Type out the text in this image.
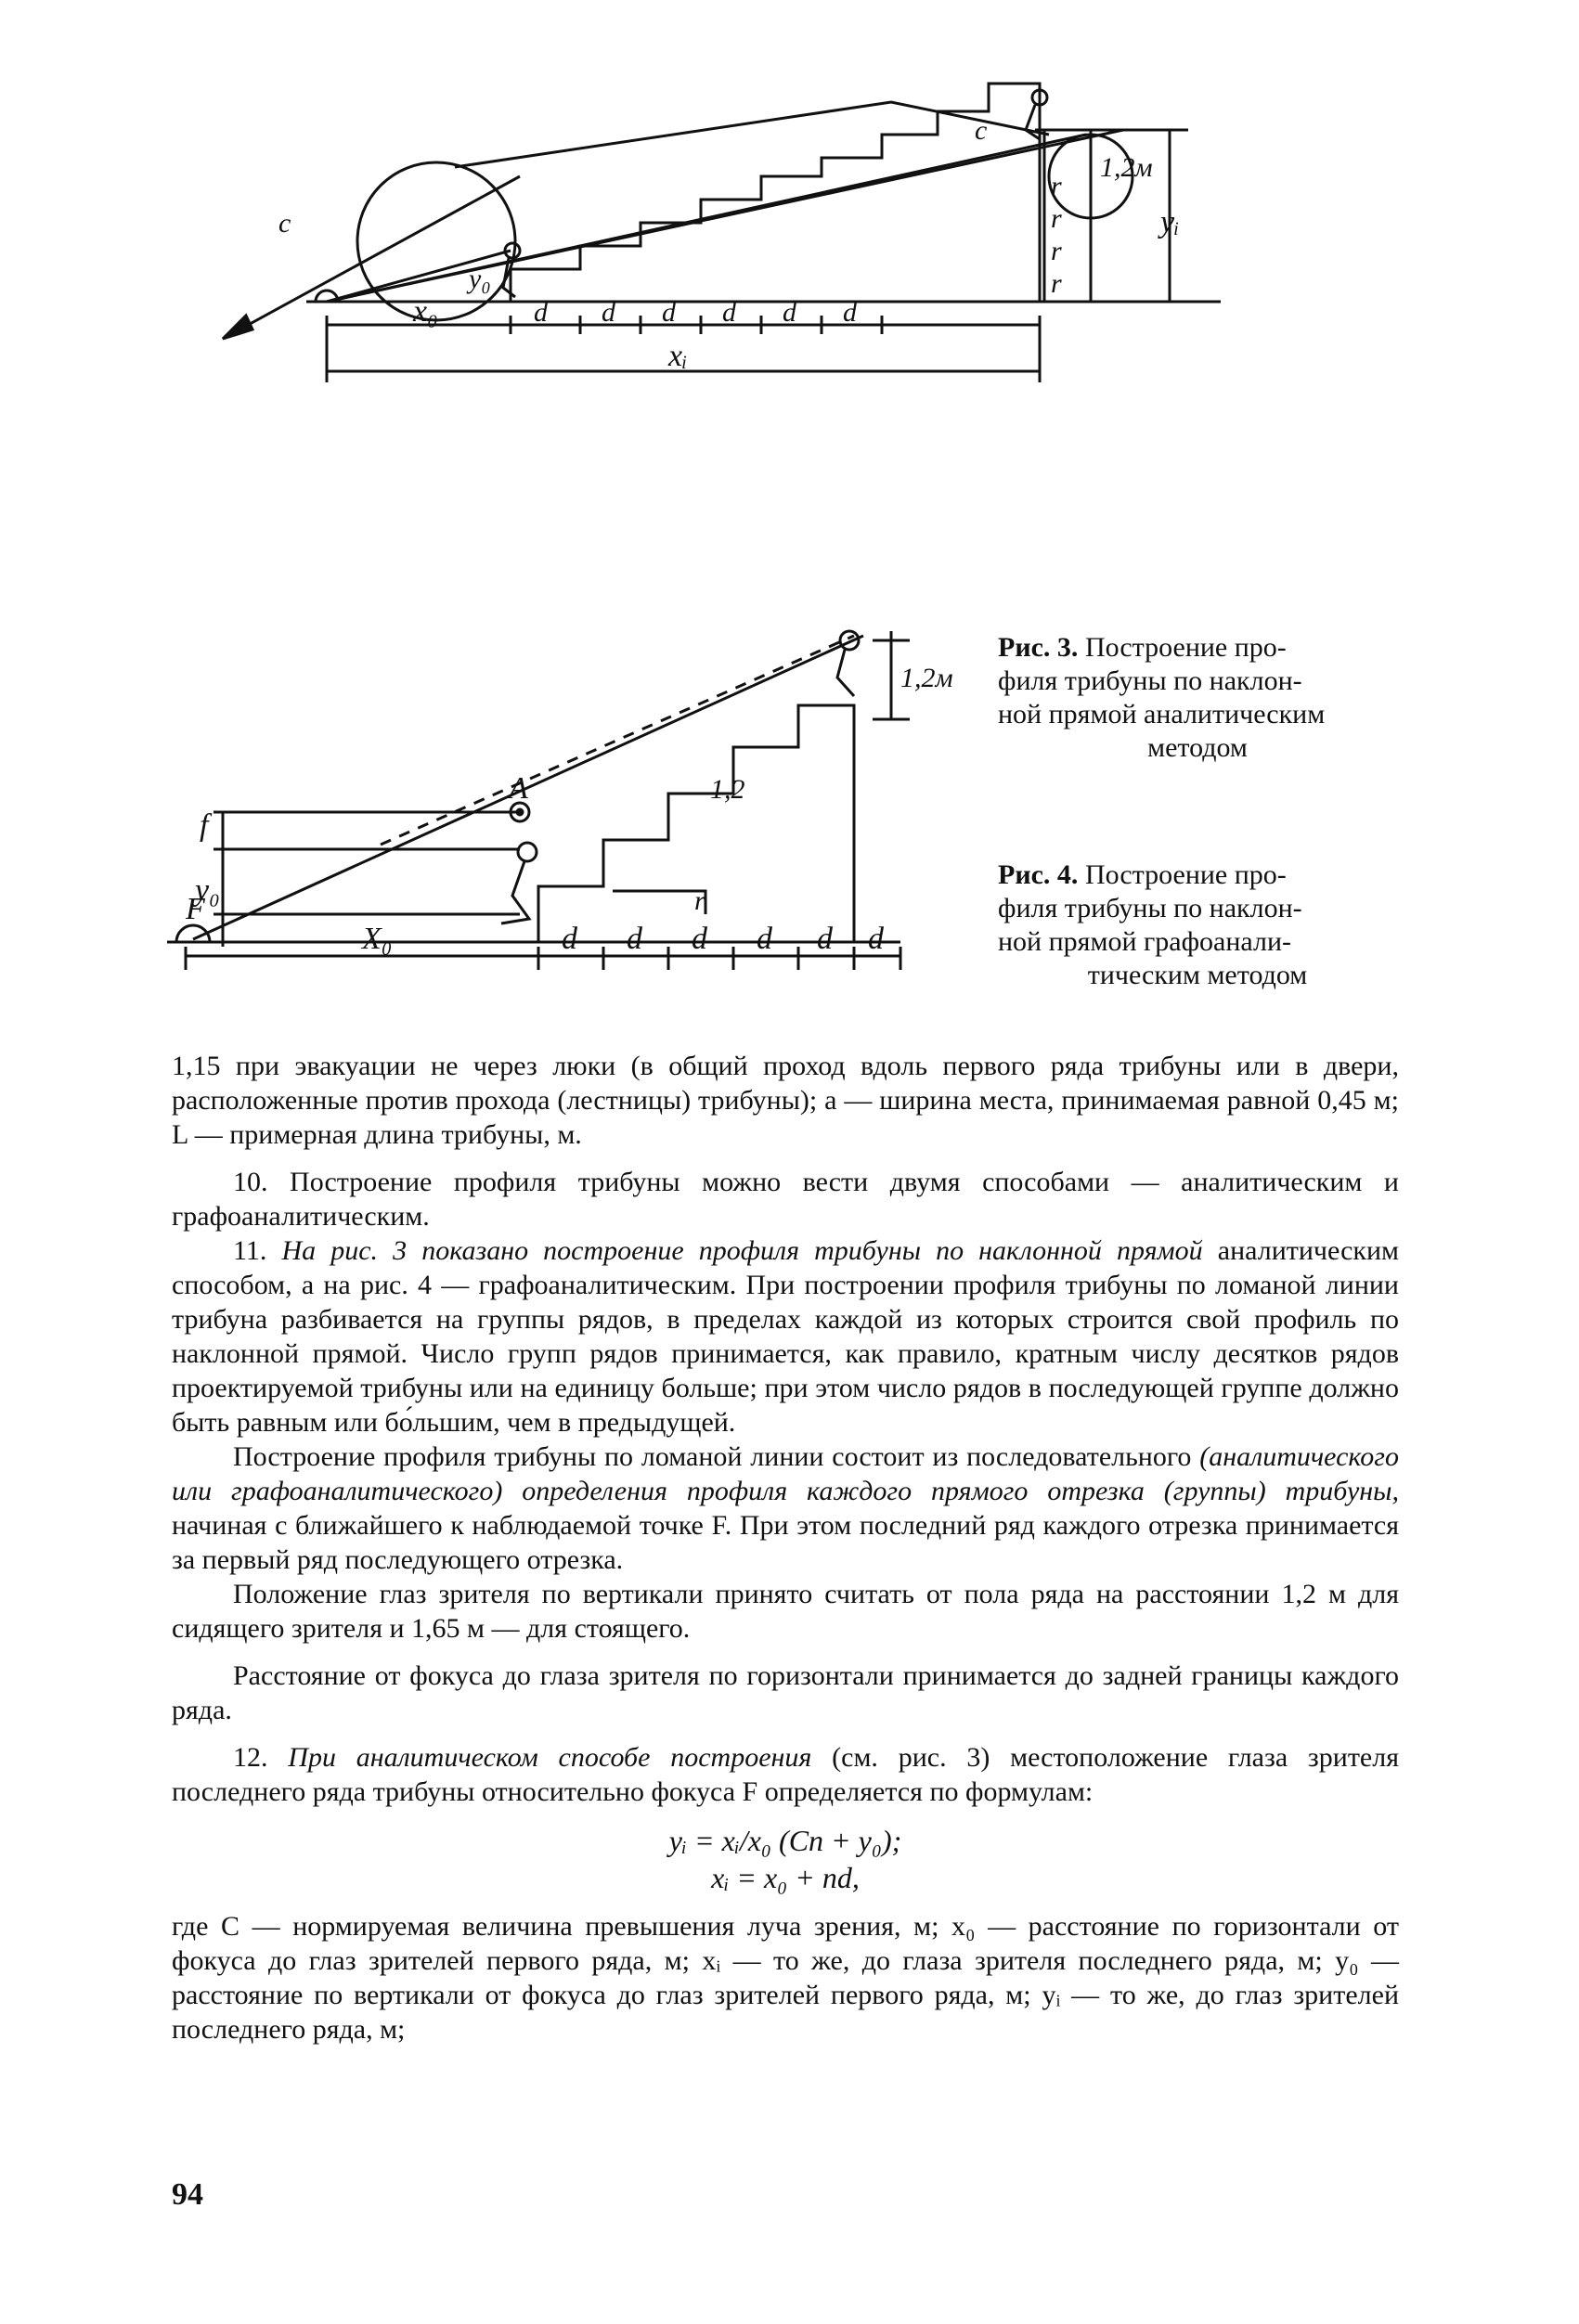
x₀
xᵢ
y₀
yᵢ
c
c
1,2м
d d d d d d
r
r
r
r
A
F
f
y₀
X₀
1,2м
1,2
r
d d d d d d
Рис. 3. Построение про-
филя трибуны по наклон-
ной прямой аналитическим
методом
Рис. 4. Построение про-
филя трибуны по наклон-
ной прямой графоанали-
тическим методом

1,15 при эвакуации не через люки (в общий проход вдоль первого ряда трибуны или в двери, расположенные против прохода (лестницы) трибуны); а — ширина места, принимаемая равной 0,45 м; L — примерная длина трибуны, м.

10. Построение профиля трибуны можно вести двумя способами — аналитическим и графоаналитическим.

11. На рис. 3 показано построение профиля трибуны по наклонной прямой аналитическим способом, а на рис. 4 — графоаналитическим. При построении профиля трибуны по ломаной линии трибуна разбивается на группы рядов, в пределах каждой из которых строится свой профиль по наклонной прямой. Число групп рядов принимается, как правило, кратным числу десятков рядов проектируемой трибуны или на единицу больше; при этом число рядов в последующей группе должно быть равным или бо́льшим, чем в предыдущей.

Построение профиля трибуны по ломаной линии состоит из последовательного (аналитического или графоаналитического) определения профиля каждого прямого отрезка (группы) трибуны, начиная с ближайшего к наблюдаемой точке F. При этом последний ряд каждого отрезка принимается за первый ряд последующего отрезка.

Положение глаз зрителя по вертикали принято считать от пола ряда на расстоянии 1,2 м для сидящего зрителя и 1,65 м — для стоящего.

Расстояние от фокуса до глаза зрителя по горизонтали принимается до задней границы каждого ряда.

12. При аналитическом способе построения (см. рис. 3) местоположение глаза зрителя последнего ряда трибуны относительно фокуса F определяется по формулам:

yᵢ = xᵢ/x₀ (Cn + y₀);
xᵢ = x₀ + nd,

где C — нормируемая величина превышения луча зрения, м; x₀ — расстояние по горизонтали от фокуса до глаз зрителей первого ряда, м; xᵢ — то же, до глаза зрителя последнего ряда, м; y₀ — расстояние по вертикали от фокуса до глаз зрителей первого ряда, м; yᵢ — то же, до глаз зрителей последнего ряда, м;

94
